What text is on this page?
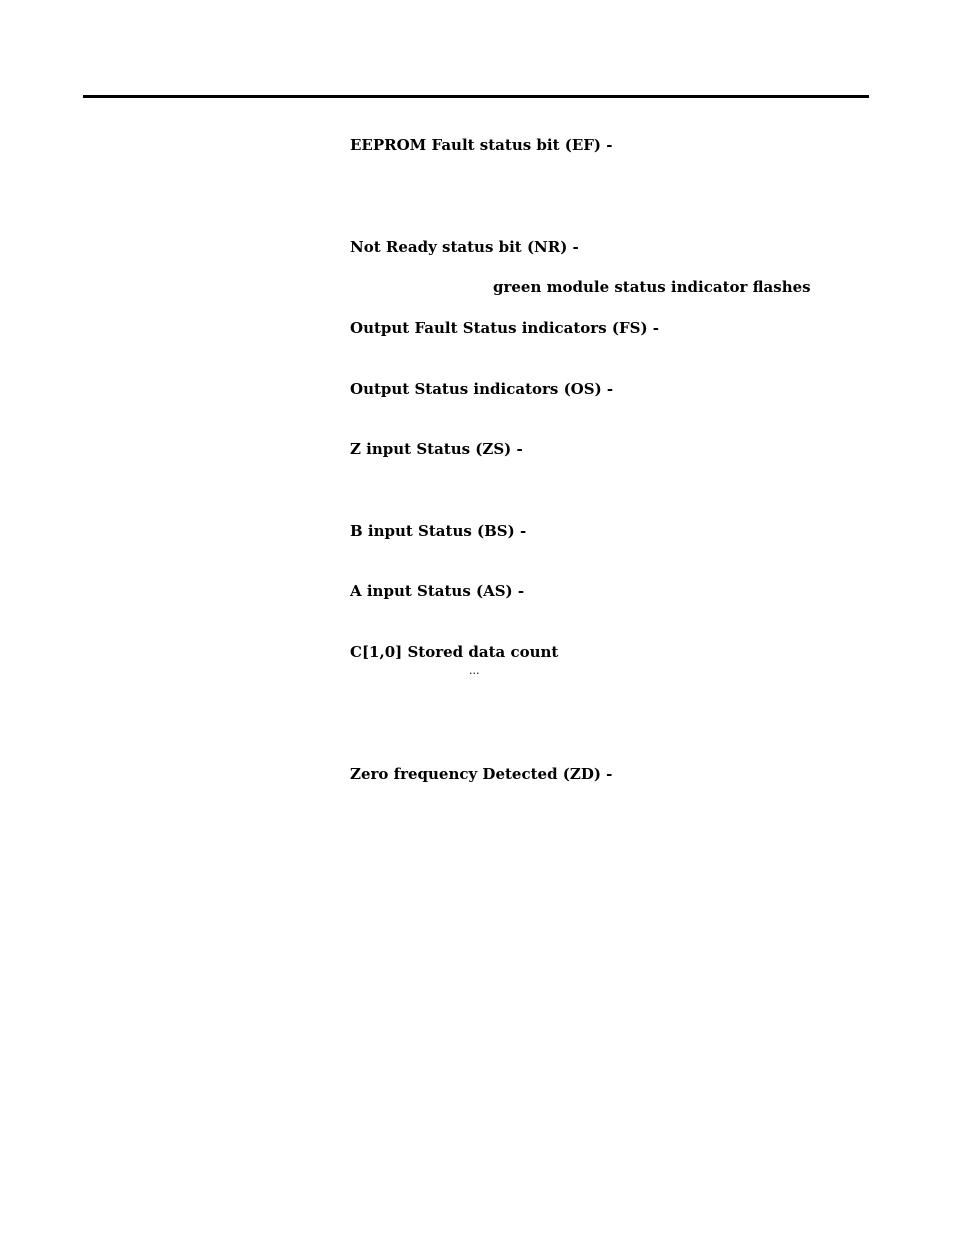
EEPROM Fault status bit (EF) -
Not Ready status bit (NR) -
green module status indicator flashes
Output Fault Status indicators (FS) -
Output Status indicators (OS) -
Z input Status (ZS) -
B input Status (BS) -
A input Status (AS) -
C[1,0] Stored data count
...
Zero frequency Detected (ZD) -
